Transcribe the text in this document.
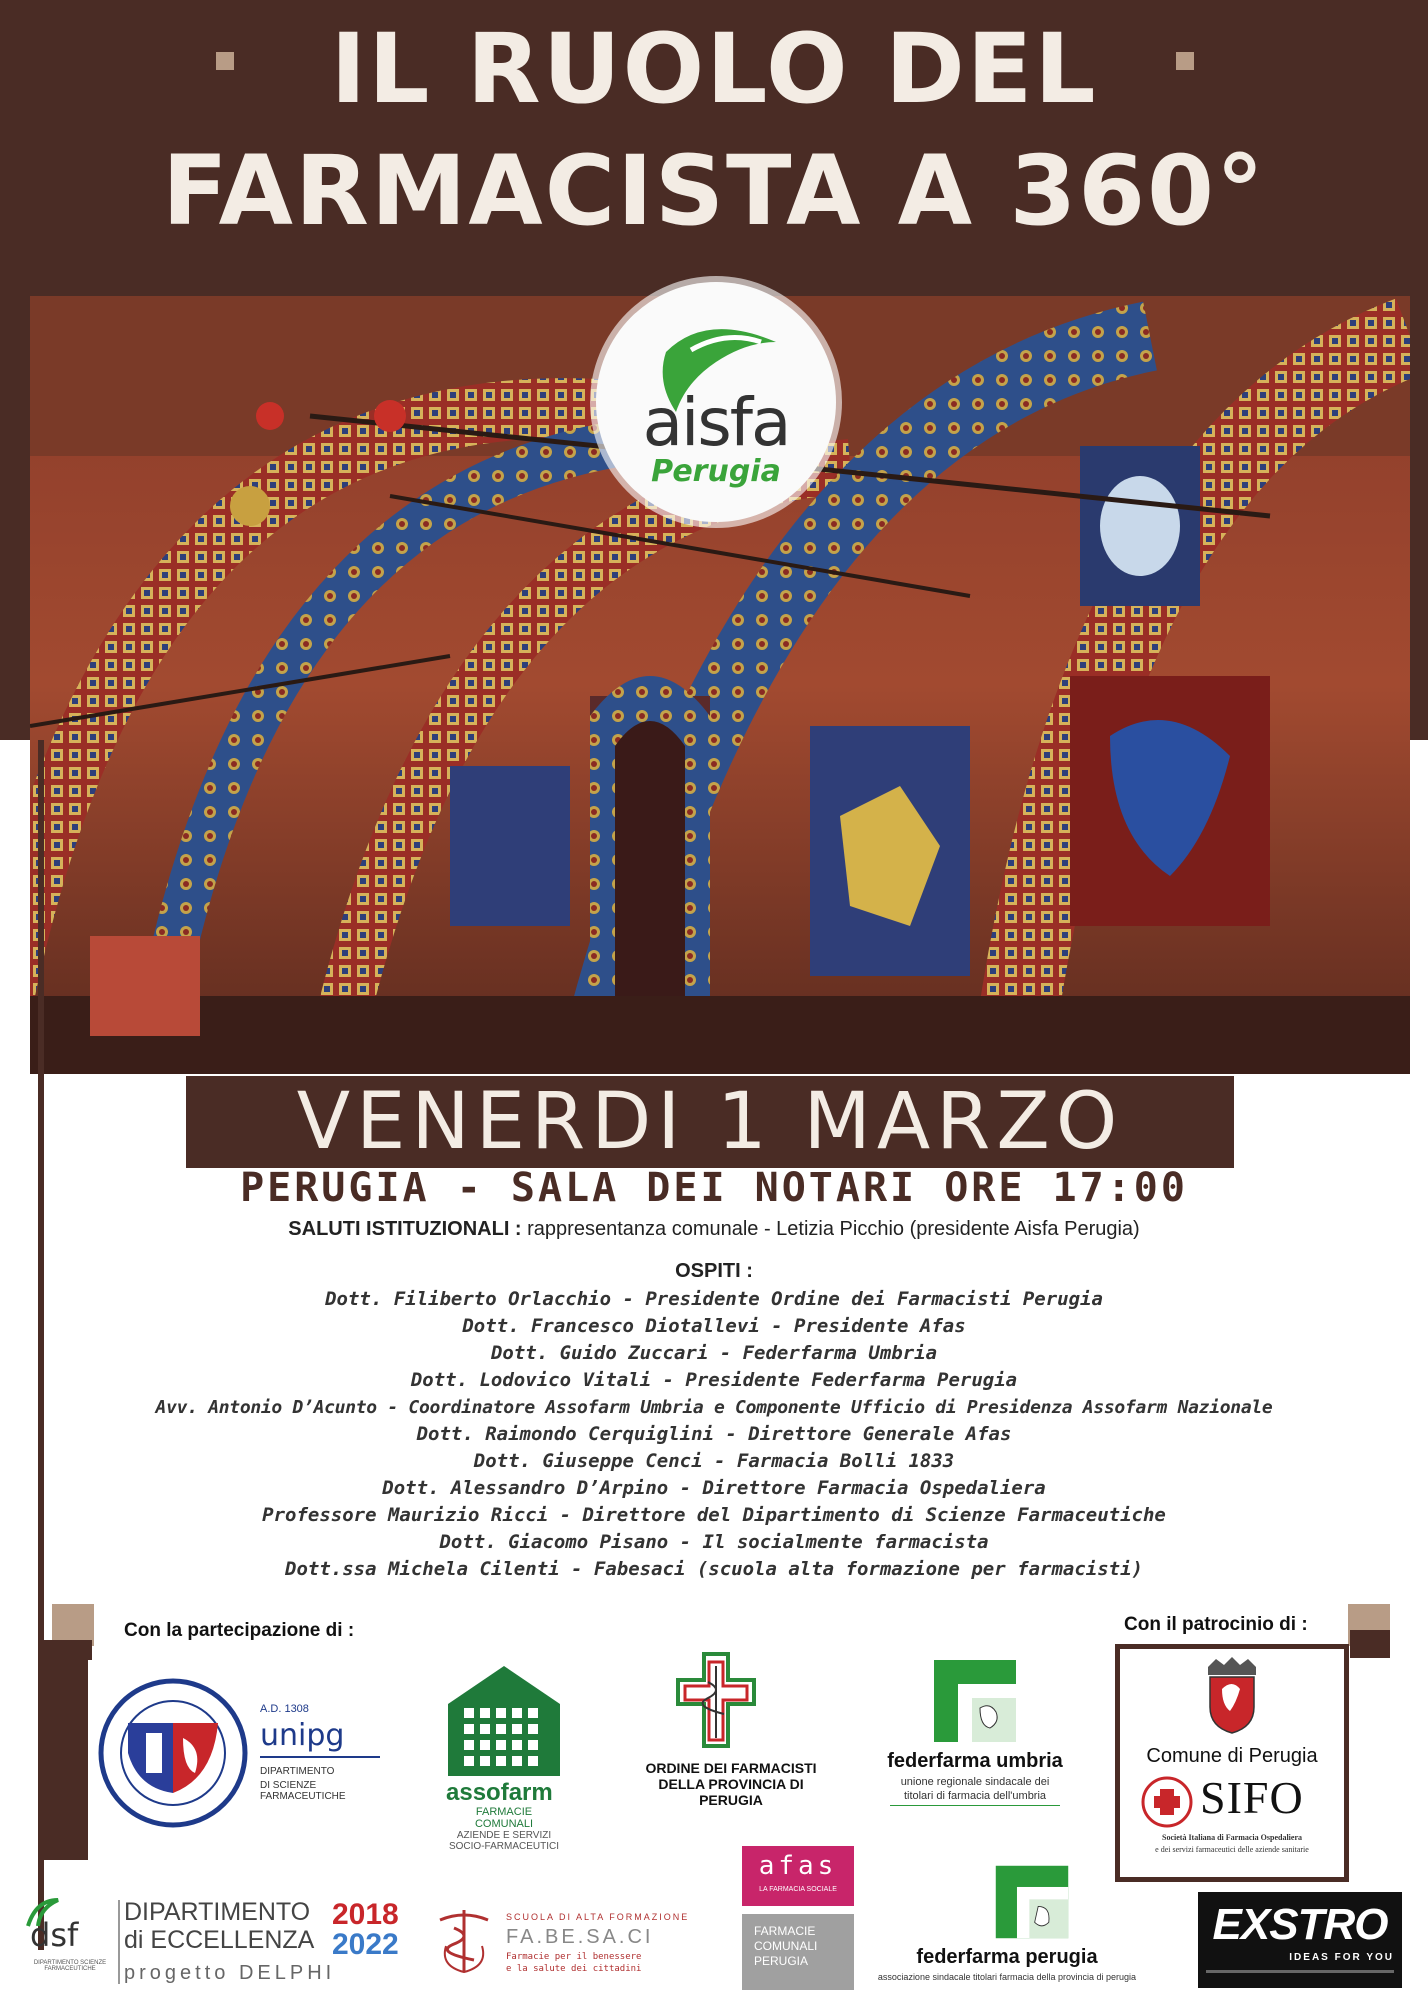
IL RUOLO DEL
FARMACISTA A 360°
aisfa
Perugia
VENERDI 1 MARZO
PERUGIA - SALA DEI NOTARI ORE 17:00
SALUTI ISTITUZIONALI : rappresentanza comunale - Letizia Picchio (presidente Aisfa Perugia)
OSPITI :
Dott. Filiberto Orlacchio - Presidente Ordine dei Farmacisti Perugia
Dott. Francesco Diotallevi - Presidente Afas
Dott. Guido Zuccari - Federfarma Umbria
Dott. Lodovico Vitali - Presidente Federfarma Perugia
Avv. Antonio D’Acunto - Coordinatore Assofarm Umbria e Componente Ufficio di Presidenza Assofarm Nazionale
Dott. Raimondo Cerquiglini - Direttore Generale Afas
Dott. Giuseppe Cenci - Farmacia Bolli 1833
Dott. Alessandro D’Arpino - Direttore Farmacia Ospedaliera
Professore Maurizio Ricci - Direttore del Dipartimento di Scienze Farmaceutiche
Dott. Giacomo Pisano - Il socialmente farmacista
Dott.ssa Michela Cilenti - Fabesaci (scuola alta formazione per farmacisti)
Con la partecipazione di :	Con il patrocinio di :
A.D. 1308
unipg
DIPARTIMENTO
DI SCIENZE FARMACEUTICHE	assofarm
FARMACIE COMUNALI
AZIENDE E SERVIZI
SOCIO-FARMACEUTICI
ORDINE DEI FARMACISTI
DELLA PROVINCIA DI PERUGIA
federfarma umbria
unione regionale sindacale dei
titolari di farmacia dell'umbria
Comune di Perugia
SIFO
Società Italiana di Farmacia Ospedaliera
e dei servizi farmaceutici delle aziende sanitarie
dsf
DIPARTIMENTO SCIENZE FARMACEUTICHE
DIPARTIMENTO
di ECCELLENZA
2018
2022
progetto DELPHI
SCUOLA DI ALTA FORMAZIONE
FA.BE.SA.CI
Farmacie per il benessere
e la salute dei cittadini
afas
LA FARMACIA SOCIALE
FARMACIE
COMUNALI
PERUGIA	federfarma perugia
associazione sindacale titolari farmacia della provincia di perugia
EXSTRO
IDEAS FOR YOU
